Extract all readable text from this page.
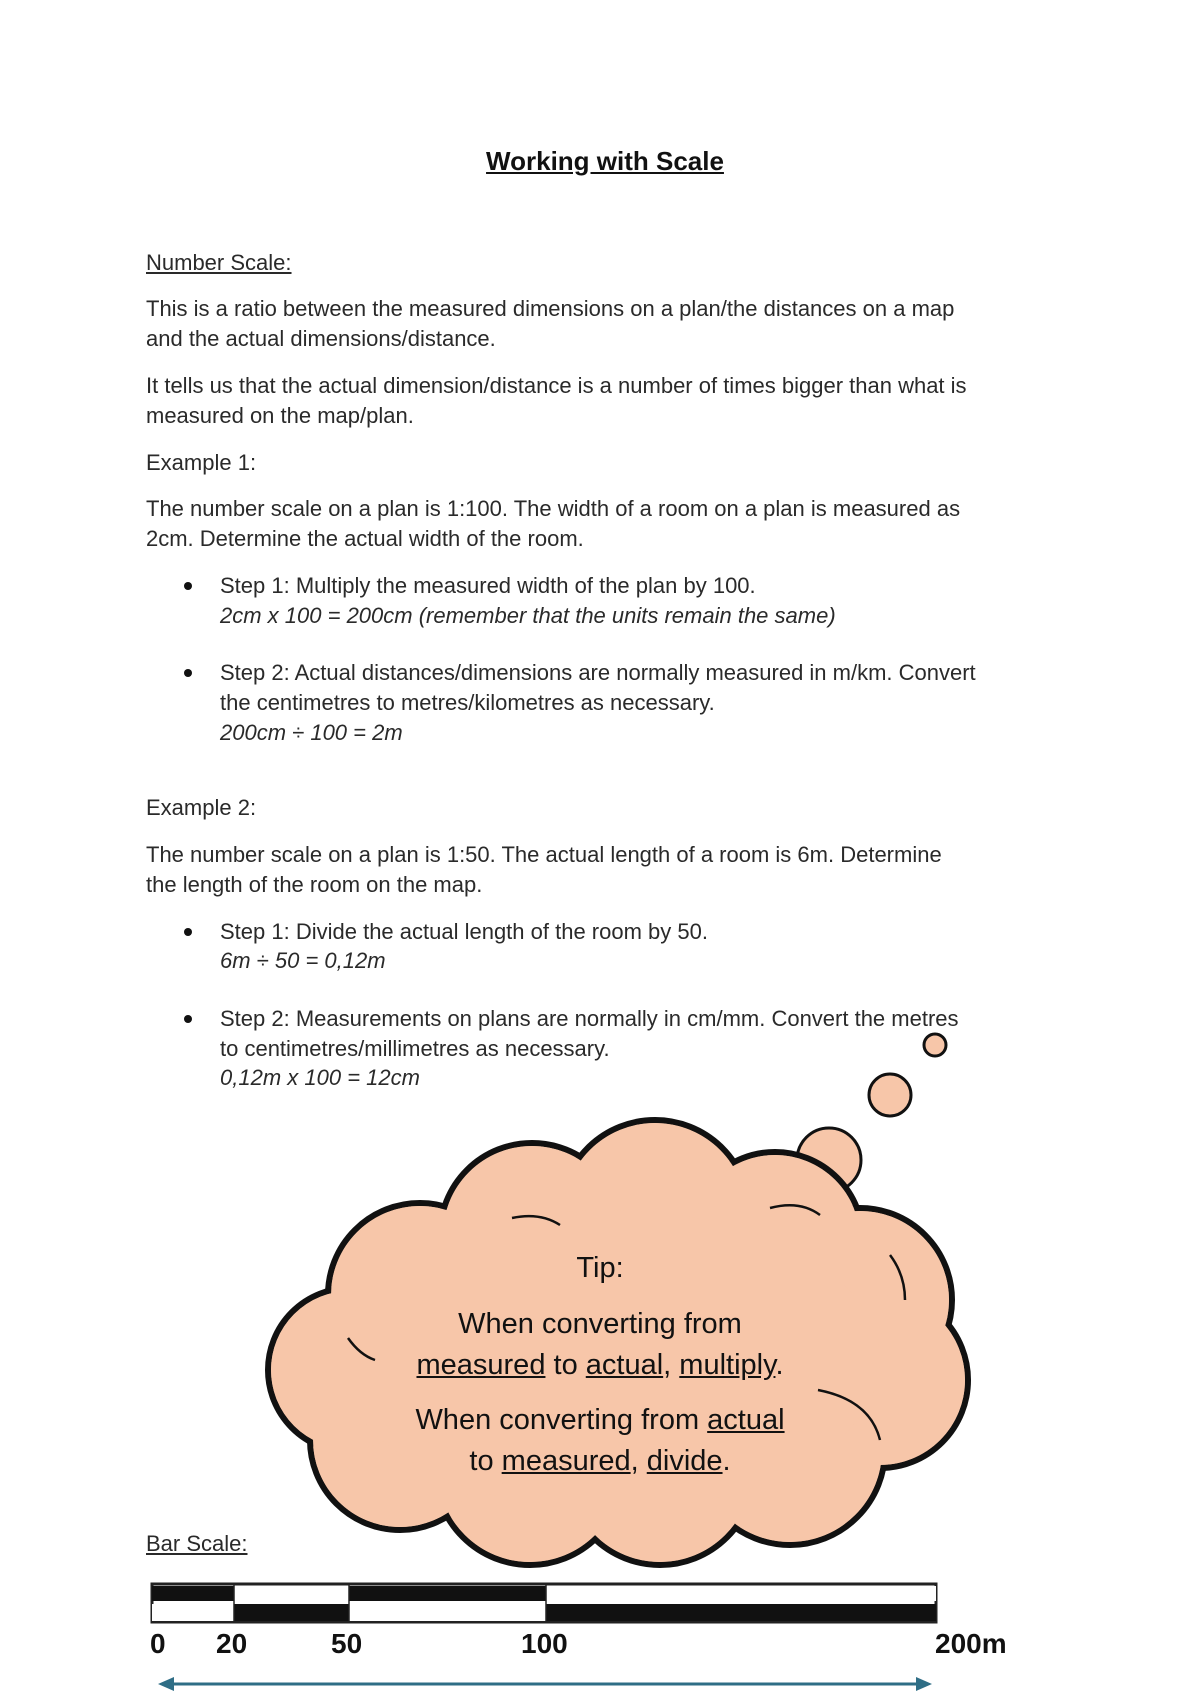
Working with Scale
Number Scale:
This is a ratio between the measured dimensions on a plan/the distances on a map
and the actual dimensions/distance.
It tells us that the actual dimension/distance is a number of times bigger than what is
measured on the map/plan.
Example 1:
The number scale on a plan is 1:100. The width of a room on a plan is measured as
2cm. Determine the actual width of the room.
Step 1: Multiply the measured width of the plan by 100.
2cm x 100 = 200cm (remember that the units remain the same)
Step 2: Actual distances/dimensions are normally measured in m/km. Convert
the centimetres to metres/kilometres as necessary.
200cm ÷ 100 = 2m
Example 2:
The number scale on a plan is 1:50. The actual length of a room is 6m. Determine
the length of the room on the map.
Step 1: Divide the actual length of the room by 50.
6m ÷ 50 = 0,12m
Step 2: Measurements on plans are normally in cm/mm. Convert the metres
to centimetres/millimetres as necessary.
0,12m x 100 = 12cm
Tip:
When converting from
measured to actual, multiply.
When converting from actual
to measured, divide.
Bar Scale:
0 20	50	100	200m
